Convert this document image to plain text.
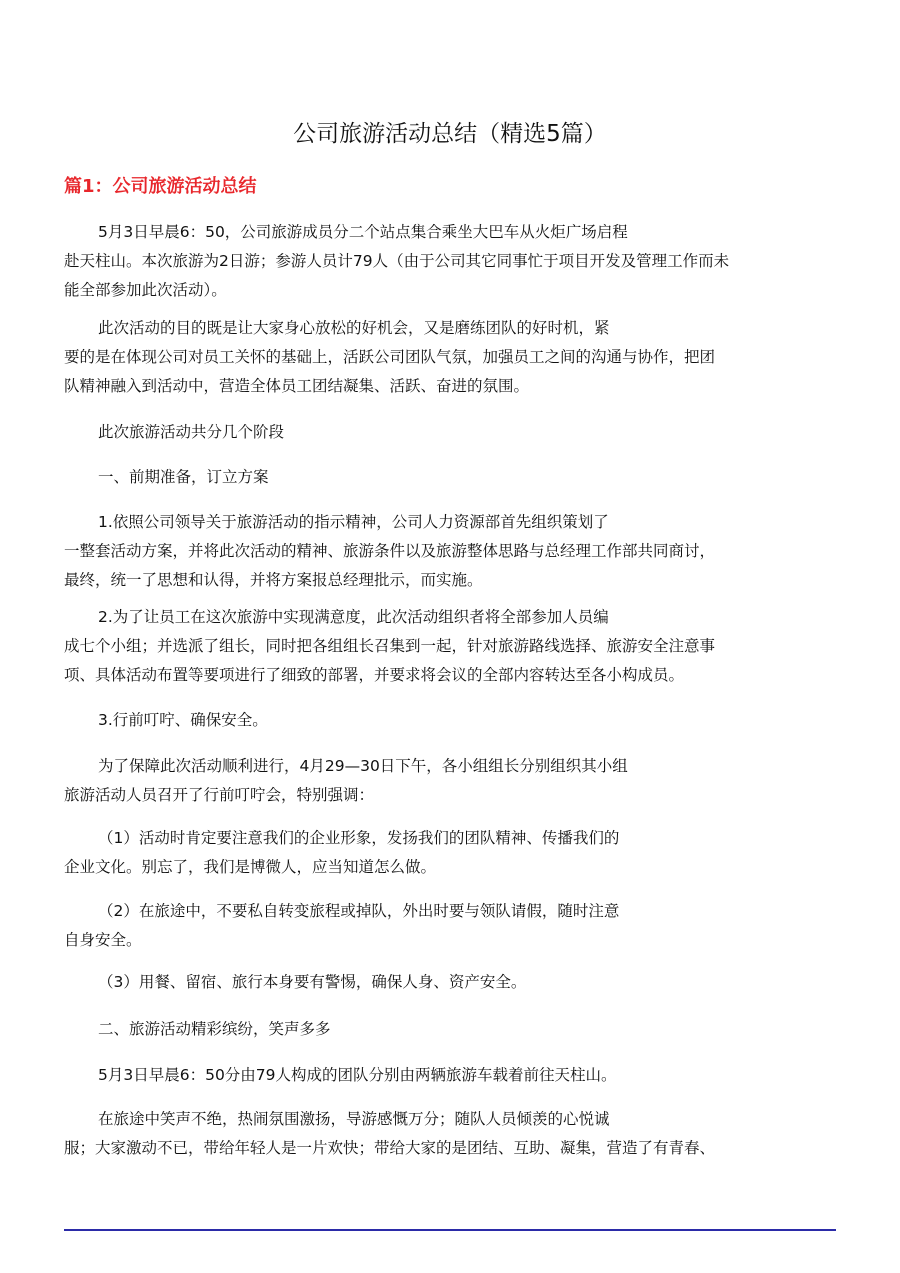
公司旅游活动总结（精选5篇）
篇1：公司旅游活动总结
5月3日早晨6：50，公司旅游成员分二个站点集合乘坐大巴车从火炬广场启程
赴天柱山。本次旅游为2日游；参游人员计79人（由于公司其它同事忙于项目开发及管理工作而未
能全部参加此次活动）。
此次活动的目的既是让大家身心放松的好机会，又是磨练团队的好时机，紧
要的是在体现公司对员工关怀的基础上，活跃公司团队气氛，加强员工之间的沟通与协作，把团
队精神融入到活动中，营造全体员工团结凝集、活跃、奋进的氛围。
此次旅游活动共分几个阶段
一、前期准备，订立方案
1.依照公司领导关于旅游活动的指示精神，公司人力资源部首先组织策划了
一整套活动方案，并将此次活动的精神、旅游条件以及旅游整体思路与总经理工作部共同商讨，
最终，统一了思想和认得，并将方案报总经理批示，而实施。
2.为了让员工在这次旅游中实现满意度，此次活动组织者将全部参加人员编
成七个小组；并选派了组长，同时把各组组长召集到一起，针对旅游路线选择、旅游安全注意事
项、具体活动布置等要项进行了细致的部署，并要求将会议的全部内容转达至各小构成员。
3.行前叮咛、确保安全。
为了保障此次活动顺利进行，4月29—30日下午，各小组组长分别组织其小组
旅游活动人员召开了行前叮咛会，特别强调：
（1）活动时肯定要注意我们的企业形象，发扬我们的团队精神、传播我们的
企业文化。别忘了，我们是博微人，应当知道怎么做。
（2）在旅途中，不要私自转变旅程或掉队，外出时要与领队请假，随时注意
自身安全。
（3）用餐、留宿、旅行本身要有警惕，确保人身、资产安全。
二、旅游活动精彩缤纷，笑声多多
5月3日早晨6：50分由79人构成的团队分别由两辆旅游车载着前往天柱山。
在旅途中笑声不绝，热闹氛围激扬，导游感慨万分；随队人员倾羡的心悦诚
服；大家激动不已，带给年轻人是一片欢快；带给大家的是团结、互助、凝集，营造了有青春、
